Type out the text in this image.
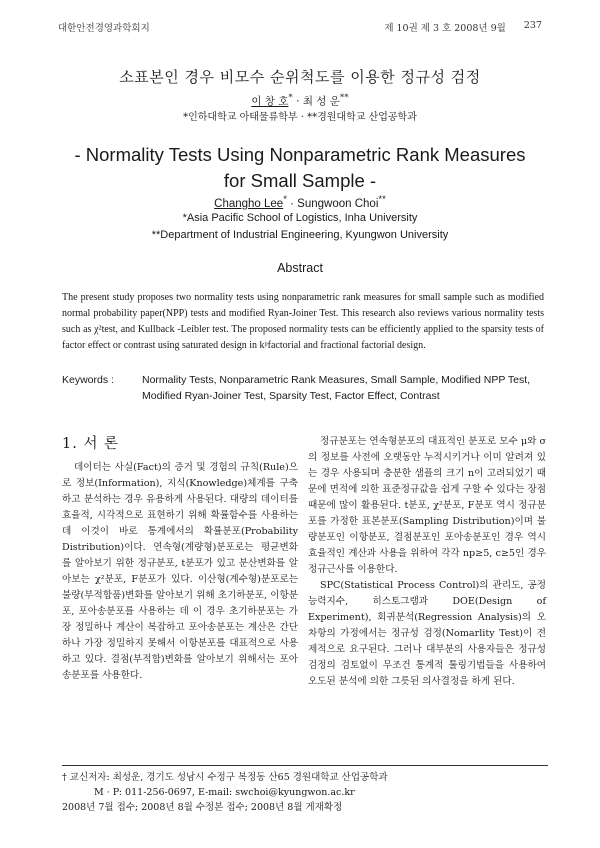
대한안전경영과학회지	제 10권 제 3 호 2008년 9월 237
소표본인 경우 비모수 순위척도를 이용한 정규성 검정
이 창 호* · 최 성 운**
*인하대학교 아태물류학부 · **경원대학교 산업공학과
- Normality Tests Using Nonparametric Rank Measures
for Small Sample -
Changho Lee* · Sungwoon Choi**
*Asia Pacific School of Logistics, Inha University
**Department of Industrial Engineering, Kyungwon University
Abstract
The present study proposes two normality tests using nonparametric rank measures for small sample such as modified normal probability paper(NPP) tests and modified Ryan-Joiner Test. This research also reviews various normality tests such as χ²test, and Kullback -Leibler test. The proposed normality tests can be efficiently applied to the sparsity tests of factor effect or contrast using saturated design in kᵖfactorial and fractional factorial design.
Keywords :	Normality Tests, Nonparametric Rank Measures, Small Sample, Modified NPP Test, Modified Ryan-Joiner Test, Sparsity Test, Factor Effect, Contrast
1. 서 론

데이터는 사실(Fact)의 증거 및 경험의 규칙(Rule)으로 정보(Information), 지식(Knowledge)체계를 구축하고 분석하는 경우 유용하게 사용된다. 대량의 데이터를 효율적, 시각적으로 표현하기 위해 확률함수를 사용하는데 이것이 바로 통계에서의 확률분포(Probability Distribution)이다. 연속형(계량형)분포로는 평균변화를 알아보기 위한 정규분포, t분포가 있고 분산변화를 알아보는 χ²분포, F분포가 있다. 이산형(계수형)분포로는 불량(부적합품)변화를 알아보기 위해 초기하분포, 이항분포, 포아송분포를 사용하는 데 이 경우 초기하분포는 가장 정밀하나 계산이 복잡하고 포아송분포는 계산은 간단하나 가장 정밀하지 못해서 이항분포를 대표적으로 사용하고 있다. 결점(부적합)변화를 알아보기 위해서는 포아송분포를 사용한다.

정규분포는 연속형분포의 대표적인 분포로 모수 μ와 σ의 정보를 사전에 오랫동안 누적시키거나 이미 알려져 있는 경우 사용되며 충분한 샘플의 크기 n이 고려되었기 때문에 면적에 의한 표준정규값을 쉽게 구할 수 있다는 장점 때문에 많이 활용된다. t분포, χ²분포, F분포 역시 정규분포를 가정한 표본분포(Sampling Distribution)이며 불량분포인 이항분포, 결점분포인 포아송분포인 경우 역시 효율적인 계산과 사용을 위하여 각각 np≥5, c≥5인 경우 정규근사를 이용한다.

SPC(Statistical Process Control)의 관리도, 공정능력지수, 히스토그램과 DOE(Design of Experiment), 회귀분석(Regression Analysis)의 오차항의 가정에서는 정규성 검정(Nomarlity Test)이 전제적으로 요구된다. 그러나 대부분의 사용자들은 정규성 검정의 검토없이 무조건 통계적 툴링기법들을 사용하여 오도된 분석에 의한 그릇된 의사결정을 하게 된다.

† 교신저자: 최성운, 경기도 성남시 수정구 복정동 산65 경원대학교 산업공학과
M · P: 011-256-0697, E-mail: swchoi@kyungwon.ac.kr
2008년 7월 접수; 2008년 8월 수정본 접수; 2008년 8월 게재확정
